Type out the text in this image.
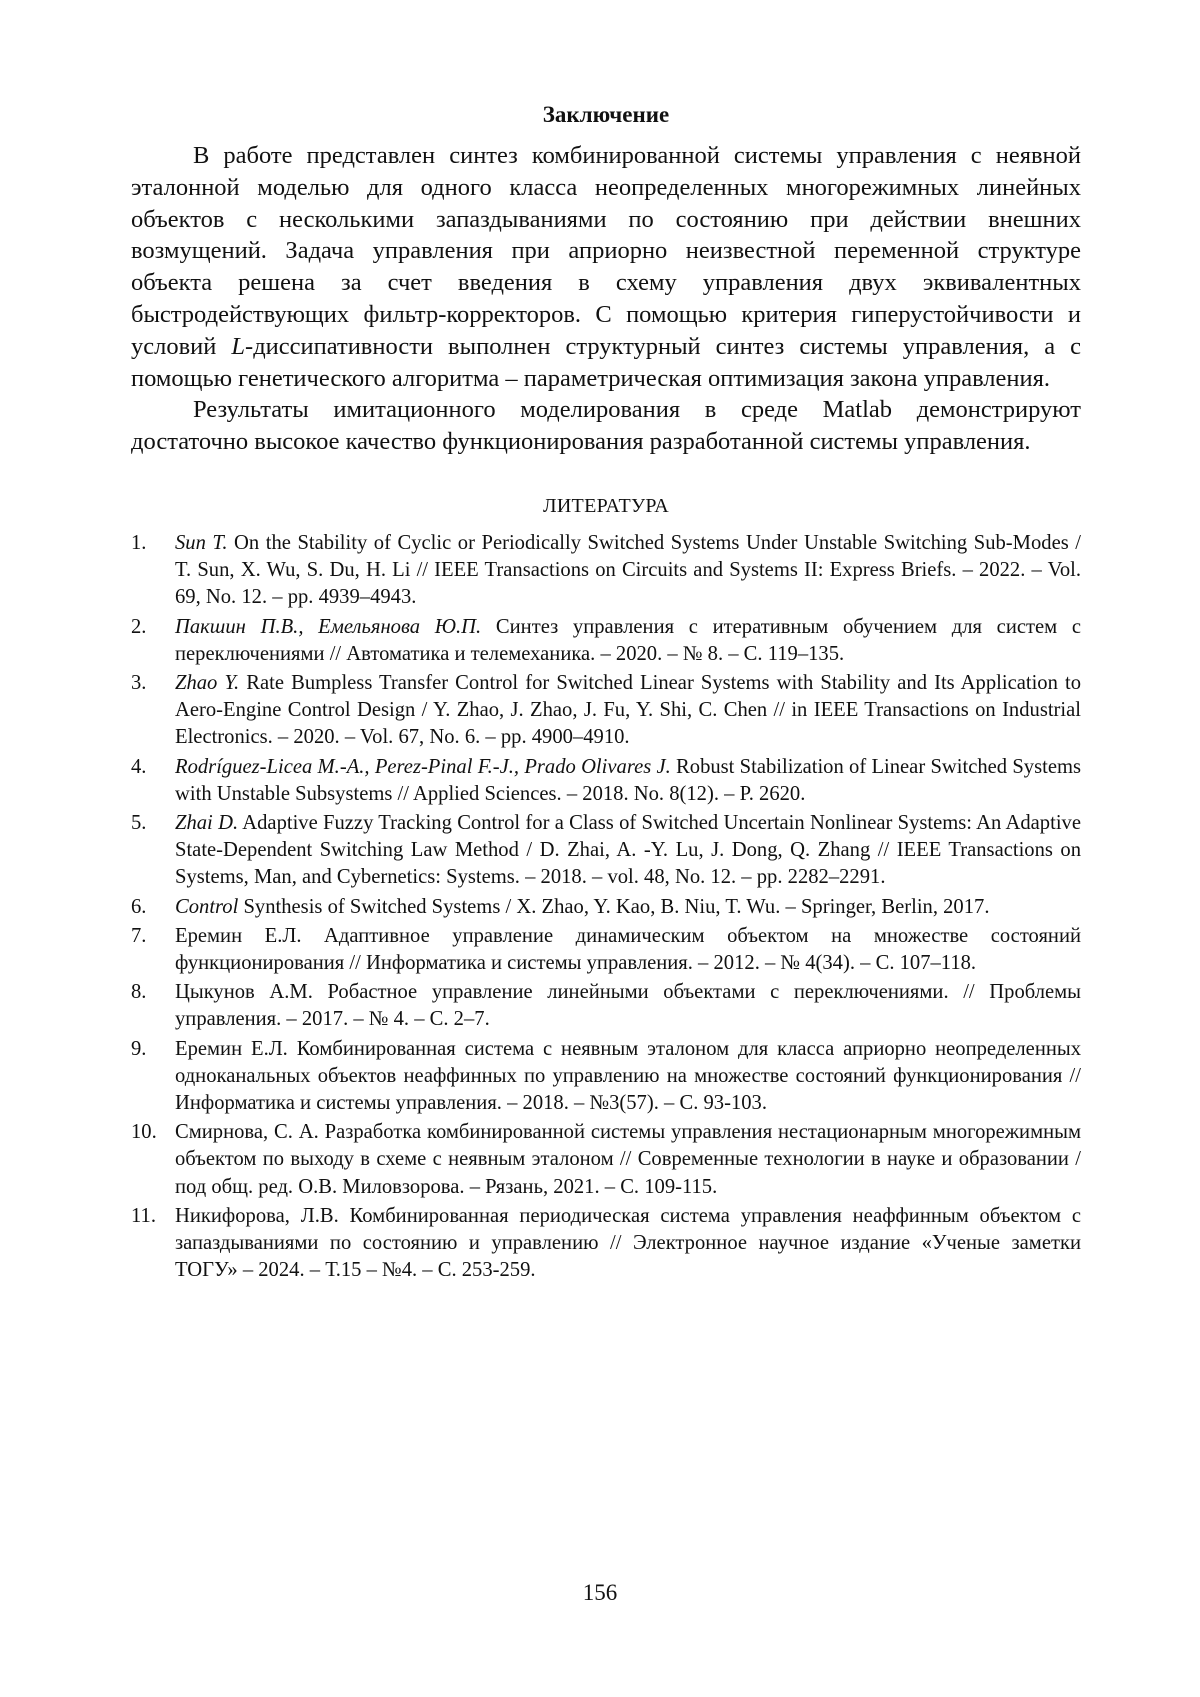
Заключение

В работе представлен синтез комбинированной системы управления с неявной эталонной моделью для одного класса неопределенных многорежимных линейных объектов с несколькими запаздываниями по состоянию при действии внешних возмущений. Задача управления при априорно неизвестной переменной структуре объекта решена за счет введения в схему управления двух эквивалентных быстродействующих фильтр-корректоров. С помощью критерия гиперустойчивости и условий L-диссипативности выполнен структурный синтез системы управления, а с помощью генетического алгоритма – параметрическая оптимизация закона управления.

Результаты имитационного моделирования в среде Matlab демонстрируют достаточно высокое качество функционирования разработанной системы управления.

ЛИТЕРАТУРА
1. Sun T. On the Stability of Cyclic or Periodically Switched Systems Under Unstable Switching Sub-Modes / T. Sun, X. Wu, S. Du, H. Li // IEEE Transactions on Circuits and Systems II: Express Briefs. – 2022. – Vol. 69, No. 12. – pp. 4939–4943.
2. Пакшин П.В., Емельянова Ю.П. Синтез управления с итеративным обучением для систем с переключениями // Автоматика и телемеханика. – 2020. – № 8. – С. 119–135.
3. Zhao Y. Rate Bumpless Transfer Control for Switched Linear Systems with Stability and Its Application to Aero-Engine Control Design / Y. Zhao, J. Zhao, J. Fu, Y. Shi, C. Chen // in IEEE Transactions on Industrial Electronics. – 2020. – Vol. 67, No. 6. – pp. 4900–4910.
4. Rodríguez-Licea M.-A., Perez-Pinal F.-J., Prado Olivares J. Robust Stabilization of Linear Switched Systems with Unstable Subsystems // Applied Sciences. – 2018. No. 8(12). – P. 2620.
5. Zhai D. Adaptive Fuzzy Tracking Control for a Class of Switched Uncertain Nonlinear Systems: An Adaptive State-Dependent Switching Law Method / D. Zhai, A. -Y. Lu, J. Dong, Q. Zhang // IEEE Transactions on Systems, Man, and Cybernetics: Systems. – 2018. – vol. 48, No. 12. – pp. 2282–2291.
6. Control Synthesis of Switched Systems / X. Zhao, Y. Kao, B. Niu, T. Wu. – Springer, Berlin, 2017.
7. Еремин Е.Л. Адаптивное управление динамическим объектом на множестве состояний функционирования // Информатика и системы управления. – 2012. – № 4(34). – С. 107–118.
8. Цыкунов А.М. Робастное управление линейными объектами с переключениями. // Проблемы управления. – 2017. – № 4. – С. 2–7.
9. Еремин Е.Л. Комбинированная система с неявным эталоном для класса априорно неопределенных одноканальных объектов неаффинных по управлению на множестве состояний функционирования // Информатика и системы управления. – 2018. – №3(57). – С. 93-103.
10. Смирнова, С. А. Разработка комбинированной системы управления нестационарным многорежимным объектом по выходу в схеме с неявным эталоном // Современные технологии в науке и образовании / под общ. ред. О.В. Миловзорова. – Рязань, 2021. – С. 109-115.
11. Никифорова, Л.В. Комбинированная периодическая система управления неаффинным объектом с запаздываниями по состоянию и управлению // Электронное научное издание «Ученые заметки ТОГУ» – 2024. – Т.15 – №4. – С. 253-259.
156
